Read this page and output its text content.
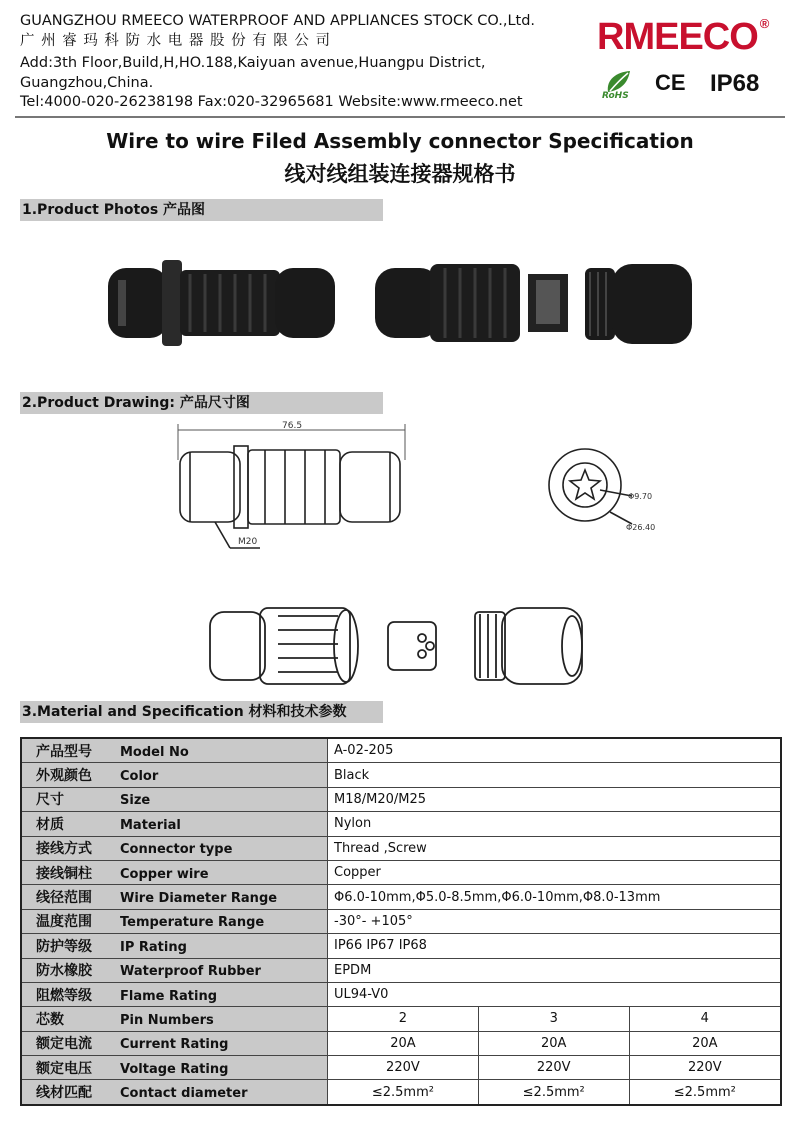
GUANGZHOU RMEECO WATERPROOF AND APPLIANCES STOCK CO.,Ltd.
广 州 睿 玛 科 防 水 电 器 股 份 有 限 公 司
Add:3th Floor,Build,H,HO.188,Kaiyuan avenue,Huangpu District,
Guangzhou,China.
Tel:4000-020-26238198 Fax:020-32965681 Website:www.rmeeco.net
RMEECO ®
RoHS
CE IP68
Wire to wire Filed Assembly connector Specification
线对线组装连接器规格书
1.Product Photos 产品图
2.Product Drawing: 产品尺寸图
76.5
M20
Φ9.70
Φ26.40
3.Material and Specification 材料和技术参数
产品型号 Model No	A-02-205		
外观颜色 Color	Black		
尺寸 Size	M18/M20/M25		
材质 Material	Nylon		
接线方式 Connector type	Thread ,Screw		
接线铜柱 Copper wire	Copper		
线径范围 Wire Diameter Range	Φ6.0-10mm,Φ5.0-8.5mm,Φ6.0-10mm,Φ8.0-13mm		
温度范围 Temperature Range	-30°- +105°		
防护等级 IP Rating	IP66 IP67 IP68		
防水橡胶 Waterproof Rubber	EPDM		
阻燃等级 Flame Rating	UL94-V0		
芯数 Pin Numbers	2	3	4
额定电流 Current Rating	20A	20A	20A
额定电压 Voltage Rating	220V	220V	220V
线材匹配 Contact diameter	≤2.5mm²	≤2.5mm²	≤2.5mm²
